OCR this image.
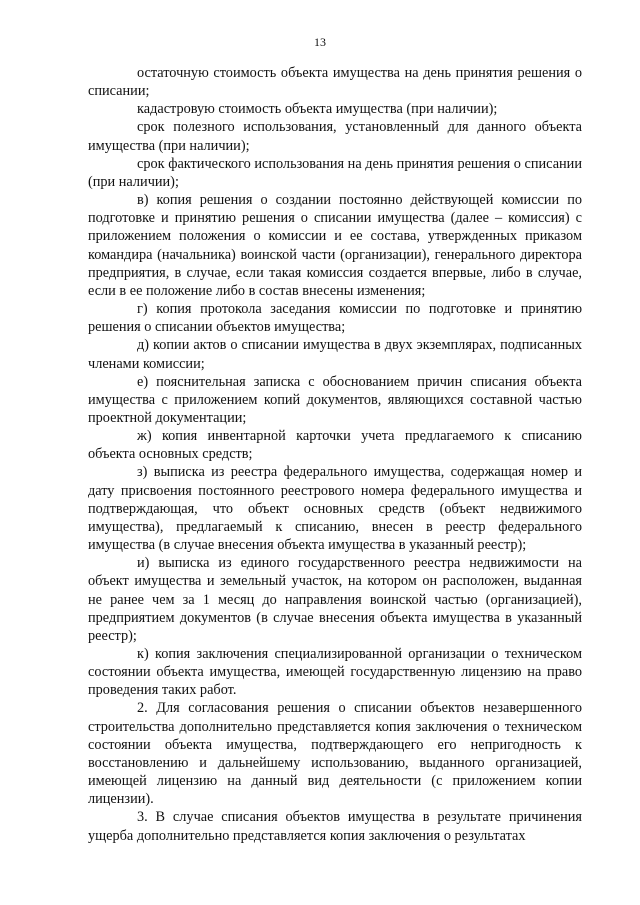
13

остаточную стоимость объекта имущества на день принятия решения о списании;

кадастровую стоимость объекта имущества (при наличии);

срок полезного использования, установленный для данного объекта имущества (при наличии);

срок фактического использования на день принятия решения о списании (при наличии);

в) копия решения о создании постоянно действующей комиссии по подготовке и принятию решения о списании имущества (далее – комиссия) с приложением положения о комиссии и ее состава, утвержденных приказом командира (начальника) воинской части (организации), генерального директора предприятия, в случае, если такая комиссия создается впервые, либо в случае, если в ее положение либо в состав внесены изменения;

г) копия протокола заседания комиссии по подготовке и принятию решения о списании объектов имущества;

д) копии актов о списании имущества в двух экземплярах, подписанных членами комиссии;

е) пояснительная записка с обоснованием причин списания объекта имущества с приложением копий документов, являющихся составной частью проектной документации;

ж) копия инвентарной карточки учета предлагаемого к списанию объекта основных средств;

з) выписка из реестра федерального имущества, содержащая номер и дату присвоения постоянного реестрового номера федерального имущества и подтверждающая, что объект основных средств (объект недвижимого имущества), предлагаемый к списанию, внесен в реестр федерального имущества (в случае внесения объекта имущества в указанный реестр);

и) выписка из единого государственного реестра недвижимости на объект имущества и земельный участок, на котором он расположен, выданная не ранее чем за 1 месяц до направления воинской частью (организацией), предприятием документов (в случае внесения объекта имущества в указанный реестр);

к) копия заключения специализированной организации о техническом состоянии объекта имущества, имеющей государственную лицензию на право проведения таких работ.

2. Для согласования решения о списании объектов незавершенного строительства дополнительно представляется копия заключения о техническом состоянии объекта имущества, подтверждающего его непригодность к восстановлению и дальнейшему использованию, выданного организацией, имеющей лицензию на данный вид деятельности (с приложением копии лицензии).

3. В случае списания объектов имущества в результате причинения ущерба дополнительно представляется копия заключения о результатах
